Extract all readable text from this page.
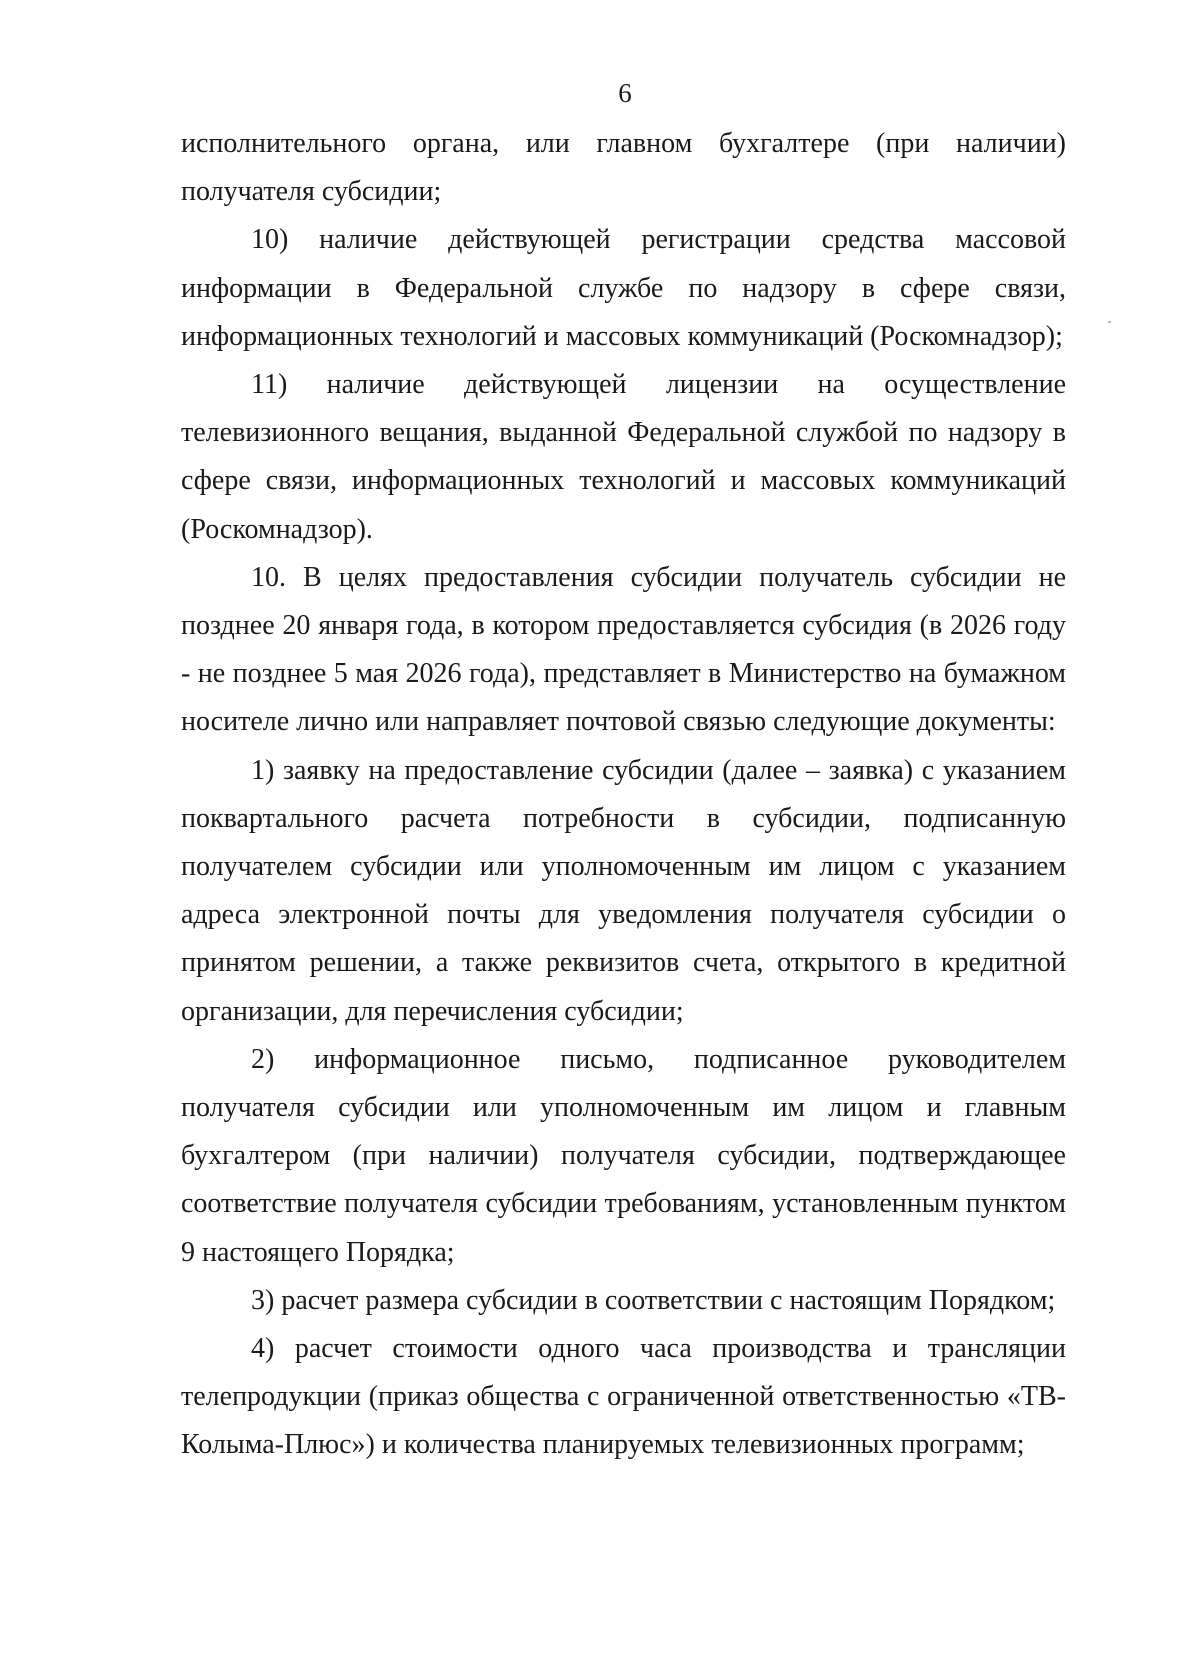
6

исполнительного органа, или главном бухгалтере (при наличии) получателя субсидии;

10) наличие действующей регистрации средства массовой информации в Федеральной службе по надзору в сфере связи, информационных технологий и массовых коммуникаций (Роскомнадзор);

11) наличие действующей лицензии на осуществление телевизионного вещания, выданной Федеральной службой по надзору в сфере связи, информационных технологий и массовых коммуникаций (Роскомнадзор).

10. В целях предоставления субсидии получатель субсидии не позднее 20 января года, в котором предоставляется субсидия (в 2026 году - не позднее 5 мая 2026 года), представляет в Министерство на бумажном носителе лично или направляет почтовой связью следующие документы:

1) заявку на предоставление субсидии (далее – заявка) с указанием поквартального расчета потребности в субсидии, подписанную получателем субсидии или уполномоченным им лицом с указанием адреса электронной почты для уведомления получателя субсидии о принятом решении, а также реквизитов счета, открытого в кредитной организации, для перечисления субсидии;

2) информационное письмо, подписанное руководителем получателя субсидии или уполномоченным им лицом и главным бухгалтером (при наличии) получателя субсидии, подтверждающее соответствие получателя субсидии требованиям, установленным пунктом 9 настоящего Порядка;

3) расчет размера субсидии в соответствии с настоящим Порядком;

4) расчет стоимости одного часа производства и трансляции телепродукции (приказ общества с ограниченной ответственностью «ТВ-Колыма-Плюс») и количества планируемых телевизионных программ;
